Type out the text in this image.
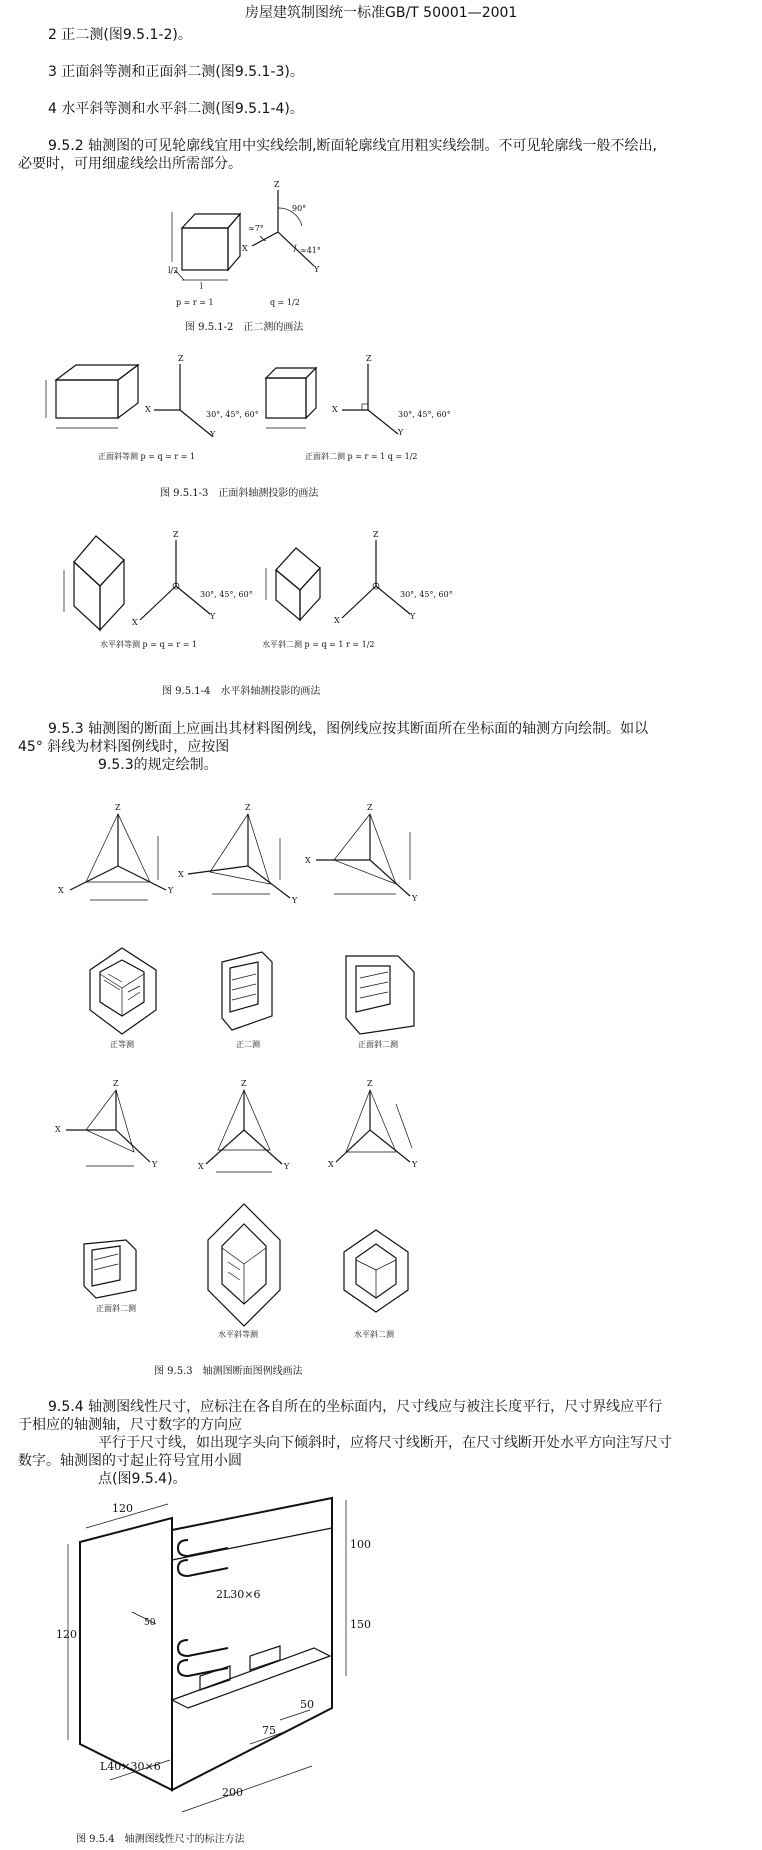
房屋建筑制图统一标准GB/T 50001—2001
2 正二测(图9.5.1-2)。
3 正面斜等测和正面斜二测(图9.5.1-3)。
4 水平斜等测和水平斜二测(图9.5.1-4)。
9.5.2 轴测图的可见轮廓线宜用中实线绘制,断面轮廓线宜用粗实线绘制。不可见轮廓线一般不绘出,
必要时，可用细虚线绘出所需部分。
Z
X
Y
90°
≈7°
≈41°
l
l/2
p = r = 1	q = 1/2
图 9.5.1-2　正二测的画法
Z
X
Y
30°, 45°, 60°
Z
X
Y
30°, 45°, 60°
正面斜等测 p = q = r = 1	正面斜二测 p = r = 1 q = 1/2
图 9.5.1-3　正面斜轴测投影的画法
Z
X
Y
30°, 45°, 60°
Z
X	Y
30°, 45°, 60°
水平斜等测 p = q = r = 1	水平斜二测 p = q = 1 r = 1/2
图 9.5.1-4　水平斜轴测投影的画法
9.5.3 轴测图的断面上应画出其材料图例线，图例线应按其断面所在坐标面的轴测方向绘制。如以
45° 斜线为材料图例线时，应按图
9.5.3的规定绘制。
Z
X	Y
Z
X
Y
Z
X
Y
正等测	正二测	正面斜二测
Z
X
Y
Z
X	Y
Z
X	Y
正面斜二测
水平斜等测	水平斜二测
图 9.5.3　轴测图断面图例线画法
9.5.4 轴测图线性尺寸，应标注在各自所在的坐标面内，尺寸线应与被注长度平行，尺寸界线应平行
于相应的轴测轴，尺寸数字的方向应
平行于尺寸线，如出现字头向下倾斜时，应将尺寸线断开，在尺寸线断开处水平方向注写尺寸
数字。轴测图的寸起止符号宜用小圆
点(图9.5.4)。
120
120
100
150
2L30×6
50
75
50
200
L40×30×6
图 9.5.4　轴测图线性尺寸的标注方法
